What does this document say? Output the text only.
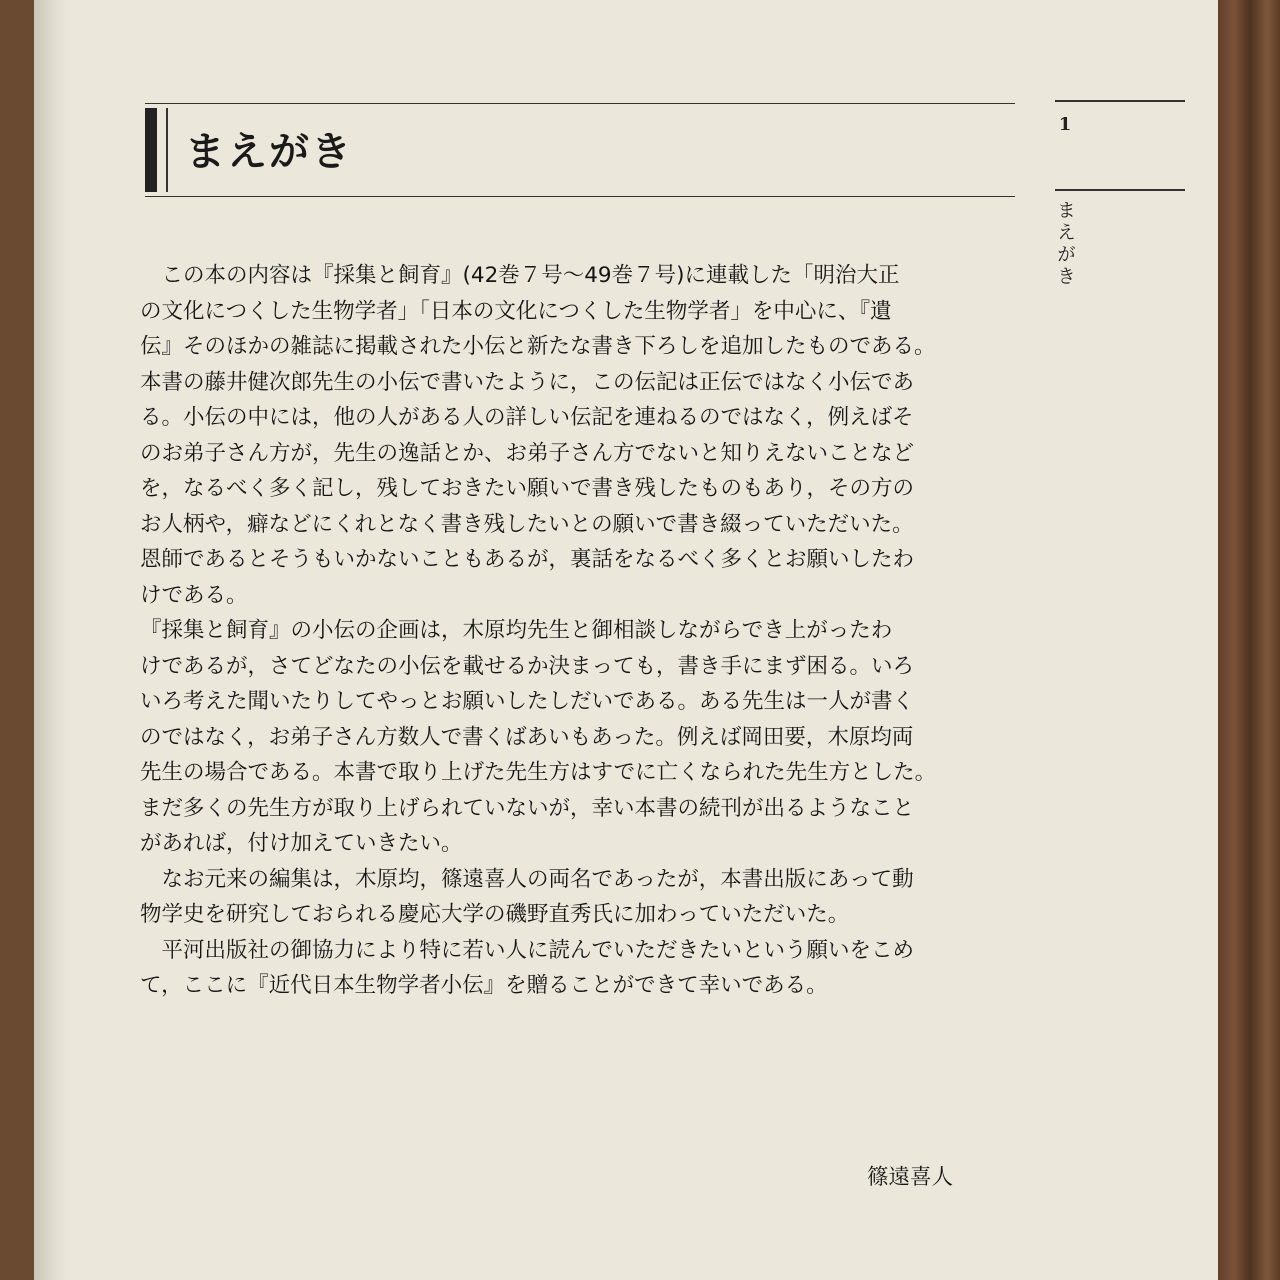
まえがき
1
まえがき
　この本の内容は『採集と飼育』(42巻７号～49巻７号)に連載した「明治大正
の文化につくした生物学者」「日本の文化につくした生物学者」を中心に、『遺
伝』そのほかの雑誌に掲載された小伝と新たな書き下ろしを追加したものである。
本書の藤井健次郎先生の小伝で書いたように，この伝記は正伝ではなく小伝であ
る。小伝の中には，他の人がある人の詳しい伝記を連ねるのではなく，例えばそ
のお弟子さん方が，先生の逸話とか、お弟子さん方でないと知りえないことなど
を，なるべく多く記し，残しておきたい願いで書き残したものもあり，その方の
お人柄や，癖などにくれとなく書き残したいとの願いで書き綴っていただいた。
恩師であるとそうもいかないこともあるが，裏話をなるべく多くとお願いしたわ
けである。
『採集と飼育』の小伝の企画は，木原均先生と御相談しながらでき上がったわ
けであるが，さてどなたの小伝を載せるか決まっても，書き手にまず困る。いろ
いろ考えた聞いたりしてやっとお願いしたしだいである。ある先生は一人が書く
のではなく，お弟子さん方数人で書くばあいもあった。例えば岡田要，木原均両
先生の場合である。本書で取り上げた先生方はすでに亡くなられた先生方とした。
まだ多くの先生方が取り上げられていないが，幸い本書の続刊が出るようなこと
があれば，付け加えていきたい。
　なお元来の編集は，木原均，篠遠喜人の両名であったが，本書出版にあって動
物学史を研究しておられる慶応大学の磯野直秀氏に加わっていただいた。
　平河出版社の御協力により特に若い人に読んでいただきたいという願いをこめ
て，ここに『近代日本生物学者小伝』を贈ることができて幸いである。
篠遠喜人
